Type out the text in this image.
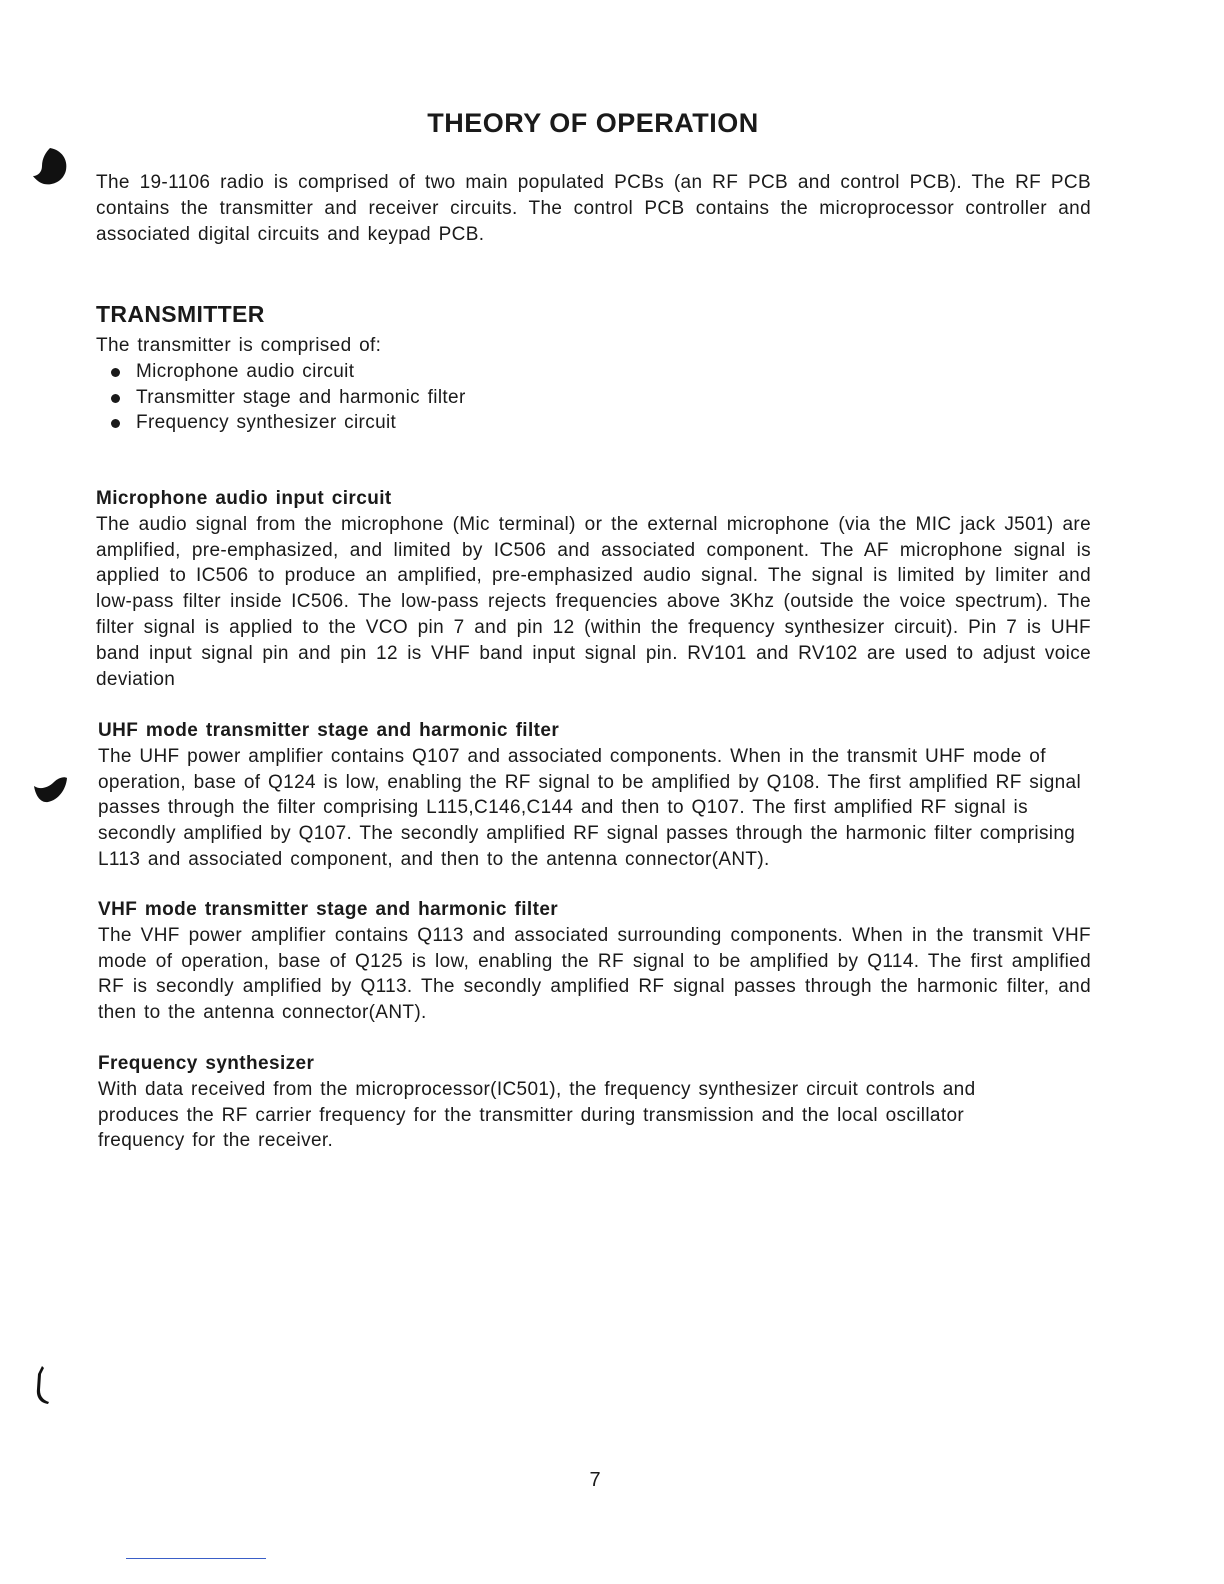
THEORY OF OPERATION

The 19-1106 radio is comprised of two main populated PCBs (an RF PCB and control PCB). The RF PCB contains the transmitter and receiver circuits. The control PCB contains the microprocessor controller and associated digital circuits and keypad PCB.

TRANSMITTER

The transmitter is comprised of:

Microphone audio circuit
Transmitter stage and harmonic filter
Frequency synthesizer circuit
Microphone audio input circuit

The audio signal from the microphone (Mic terminal) or the external microphone (via the MIC jack J501) are amplified, pre-emphasized, and limited by IC506 and associated component. The AF microphone signal is applied to IC506 to produce an amplified, pre-emphasized audio signal. The signal is limited by limiter and low-pass filter inside IC506. The low-pass rejects frequencies above 3Khz (outside the voice spectrum). The filter signal is applied to the VCO pin 7 and pin 12 (within the frequency synthesizer circuit). Pin 7 is UHF band input signal pin and pin 12 is VHF band input signal pin. RV101 and RV102 are used to adjust voice deviation

UHF mode transmitter stage and harmonic filter

The UHF power amplifier contains Q107 and associated components. When in the transmit UHF mode of operation, base of Q124 is low, enabling the RF signal to be amplified by Q108. The first amplified RF signal passes through the filter comprising L115,C146,C144 and then to Q107. The first amplified RF signal is secondly amplified by Q107. The secondly amplified RF signal passes through the harmonic filter comprising L113 and associated component, and then to the antenna connector(ANT).

VHF mode transmitter stage and harmonic filter

The VHF power amplifier contains Q113 and associated surrounding components. When in the transmit VHF mode of operation, base of Q125 is low, enabling the RF signal to be amplified by Q114. The first amplified RF is secondly amplified by Q113. The secondly amplified RF signal passes through the harmonic filter, and then to the antenna connector(ANT).

Frequency synthesizer

With data received from the microprocessor(IC501), the frequency synthesizer circuit controls and produces the RF carrier frequency for the transmitter during transmission and the local oscillator frequency for the receiver.

7
